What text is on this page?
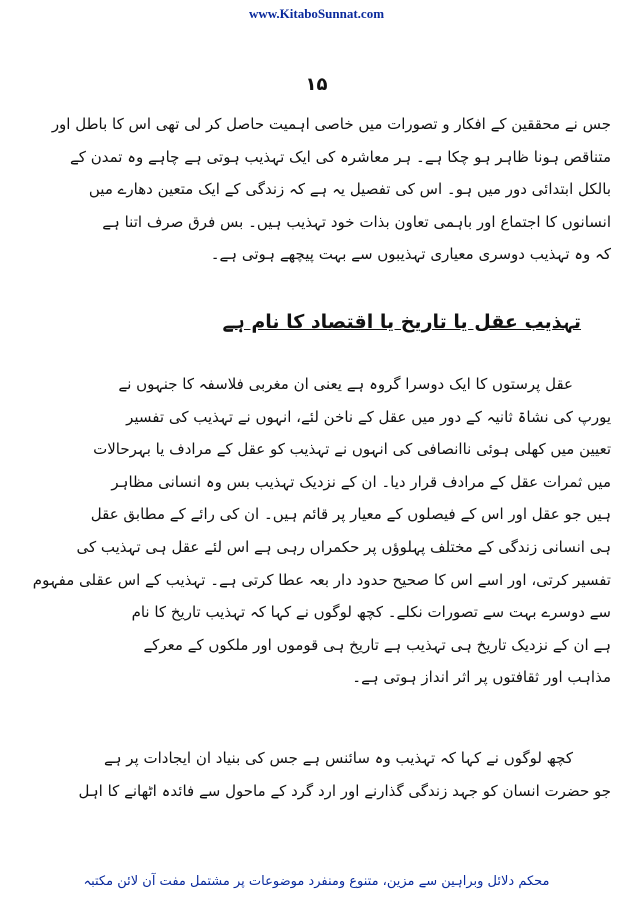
www.KitaboSunnat.com
۱۵
جس نے محققین کے افکار و تصورات میں خاصی اہمیت حاصل کر لی تھی اس کا باطل اور
متناقص ہونا ظاہر ہو چکا ہے۔ ہر معاشرہ کی ایک تہذیب ہوتی ہے چاہے وہ تمدن کے
بالکل ابتدائی دور میں ہو۔ اس کی تفصیل یہ ہے کہ زندگی کے ایک متعین دھارے میں
انسانوں کا اجتماع اور باہمی تعاون بذات خود تہذیب ہیں۔ بس فرق صرف اتنا ہے
کہ وہ تہذیب دوسری معیاری تہذیبوں سے بہت پیچھے ہوتی ہے۔
تہذیب عقل یا تاریخ یا اقتصاد کا نام ہے
عقل پرستوں کا ایک دوسرا گروہ ہے یعنی ان مغربی فلاسفہ کا جنہوں نے
یورپ کی نشاۃ ثانیہ کے دور میں عقل کے ناخن لئے، انہوں نے تہذیب کی تفسیر
تعیین میں کھلی ہوئی ناانصافی کی انہوں نے تہذیب کو عقل کے مرادف یا بہرحالات
میں ثمرات عقل کے مرادف قرار دیا۔ ان کے نزدیک تہذیب بس وہ انسانی مظاہر
ہیں جو عقل اور اس کے فیصلوں کے معیار پر قائم ہیں۔ ان کی رائے کے مطابق عقل
ہی انسانی زندگی کے مختلف پہلوؤں پر حکمراں رہی ہے اس لئے عقل ہی تہذیب کی
تفسیر کرتی، اور اسے اس کا صحیح حدود دار بعہ عطا کرتی ہے۔ تہذیب کے اس عقلی مفہوم
سے دوسرے بہت سے تصورات نکلے۔ کچھ لوگوں نے کہا کہ تہذیب تاریخ کا نام
ہے ان کے نزدیک تاریخ ہی تہذیب ہے تاریخ ہی قوموں اور ملکوں کے معرکے
مذاہب اور ثقافتوں پر اثر انداز ہوتی ہے۔
کچھ لوگوں نے کہا کہ تہذیب وہ سائنس ہے جس کی بنیاد ان ایجادات پر ہے
جو حضرت انسان کو جہد زندگی گذارنے اور ارد گرد کے ماحول سے فائدہ اٹھانے کا اہل
محکم دلائل وبراہین سے مزین، متنوع ومنفرد موضوعات پر مشتمل مفت آن لائن مکتبہ
